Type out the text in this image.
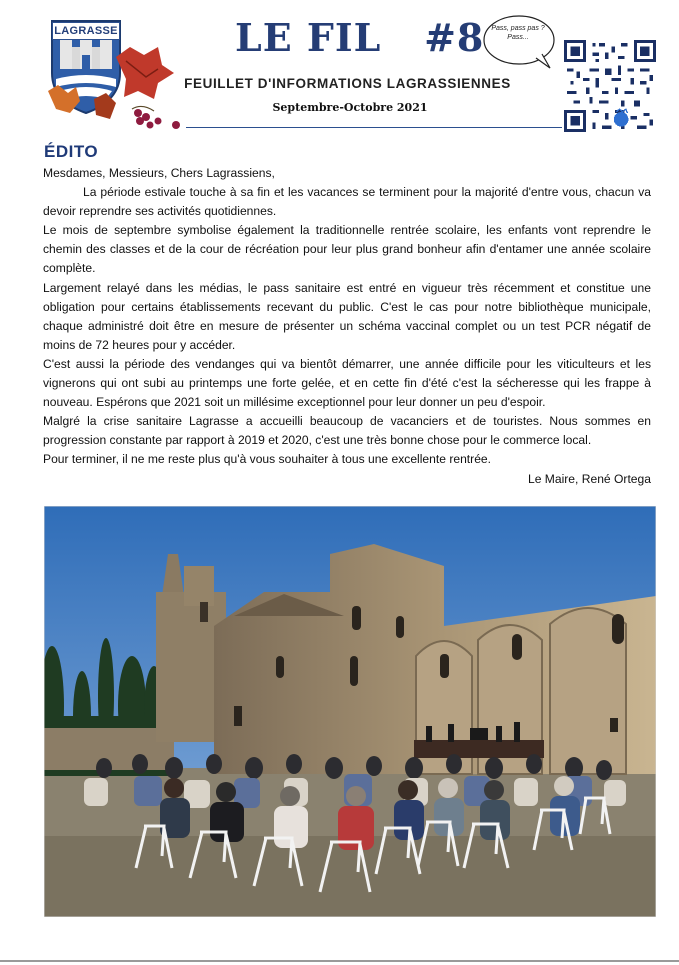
LAGRASSE	LE FIL   #8
FEUILLET D'INFORMATIONS LAGRASSIENNES
Septembre-Octobre 2021
Pass, pass pas ? Pass...
ÉDITO

Mesdames, Messieurs, Chers Lagrassiens,

La période estivale touche à sa fin et les vacances se terminent pour la majorité d'entre vous, chacun va devoir reprendre ses activités quotidiennes.

Le mois de septembre symbolise également la traditionnelle rentrée scolaire, les enfants vont reprendre le chemin des classes et de la cour de récréation pour leur plus grand bonheur afin d'entamer une année scolaire complète.

Largement relayé dans les médias, le pass sanitaire est entré en vigueur très récemment et constitue une obligation pour certains établissements recevant du public. C'est le cas pour notre bibliothèque municipale, chaque administré doit être en mesure de présenter un schéma vaccinal complet ou un test PCR négatif de moins de 72 heures pour y accéder.

C'est aussi la période des vendanges qui va bientôt démarrer, une année difficile pour les viticulteurs et les vignerons qui ont subi au printemps une forte gelée, et en cette fin d'été c'est la sécheresse qui les frappe à nouveau. Espérons que 2021 soit un millésime exceptionnel pour leur donner un peu d'espoir.

Malgré la crise sanitaire Lagrasse a accueilli beaucoup de vacanciers et de touristes. Nous sommes en progression constante par rapport à 2019 et 2020, c'est une très bonne chose pour le commerce local.

Pour terminer, il ne me reste plus qu'à vous souhaiter à tous une excellente rentrée.

Le Maire, René Ortega
